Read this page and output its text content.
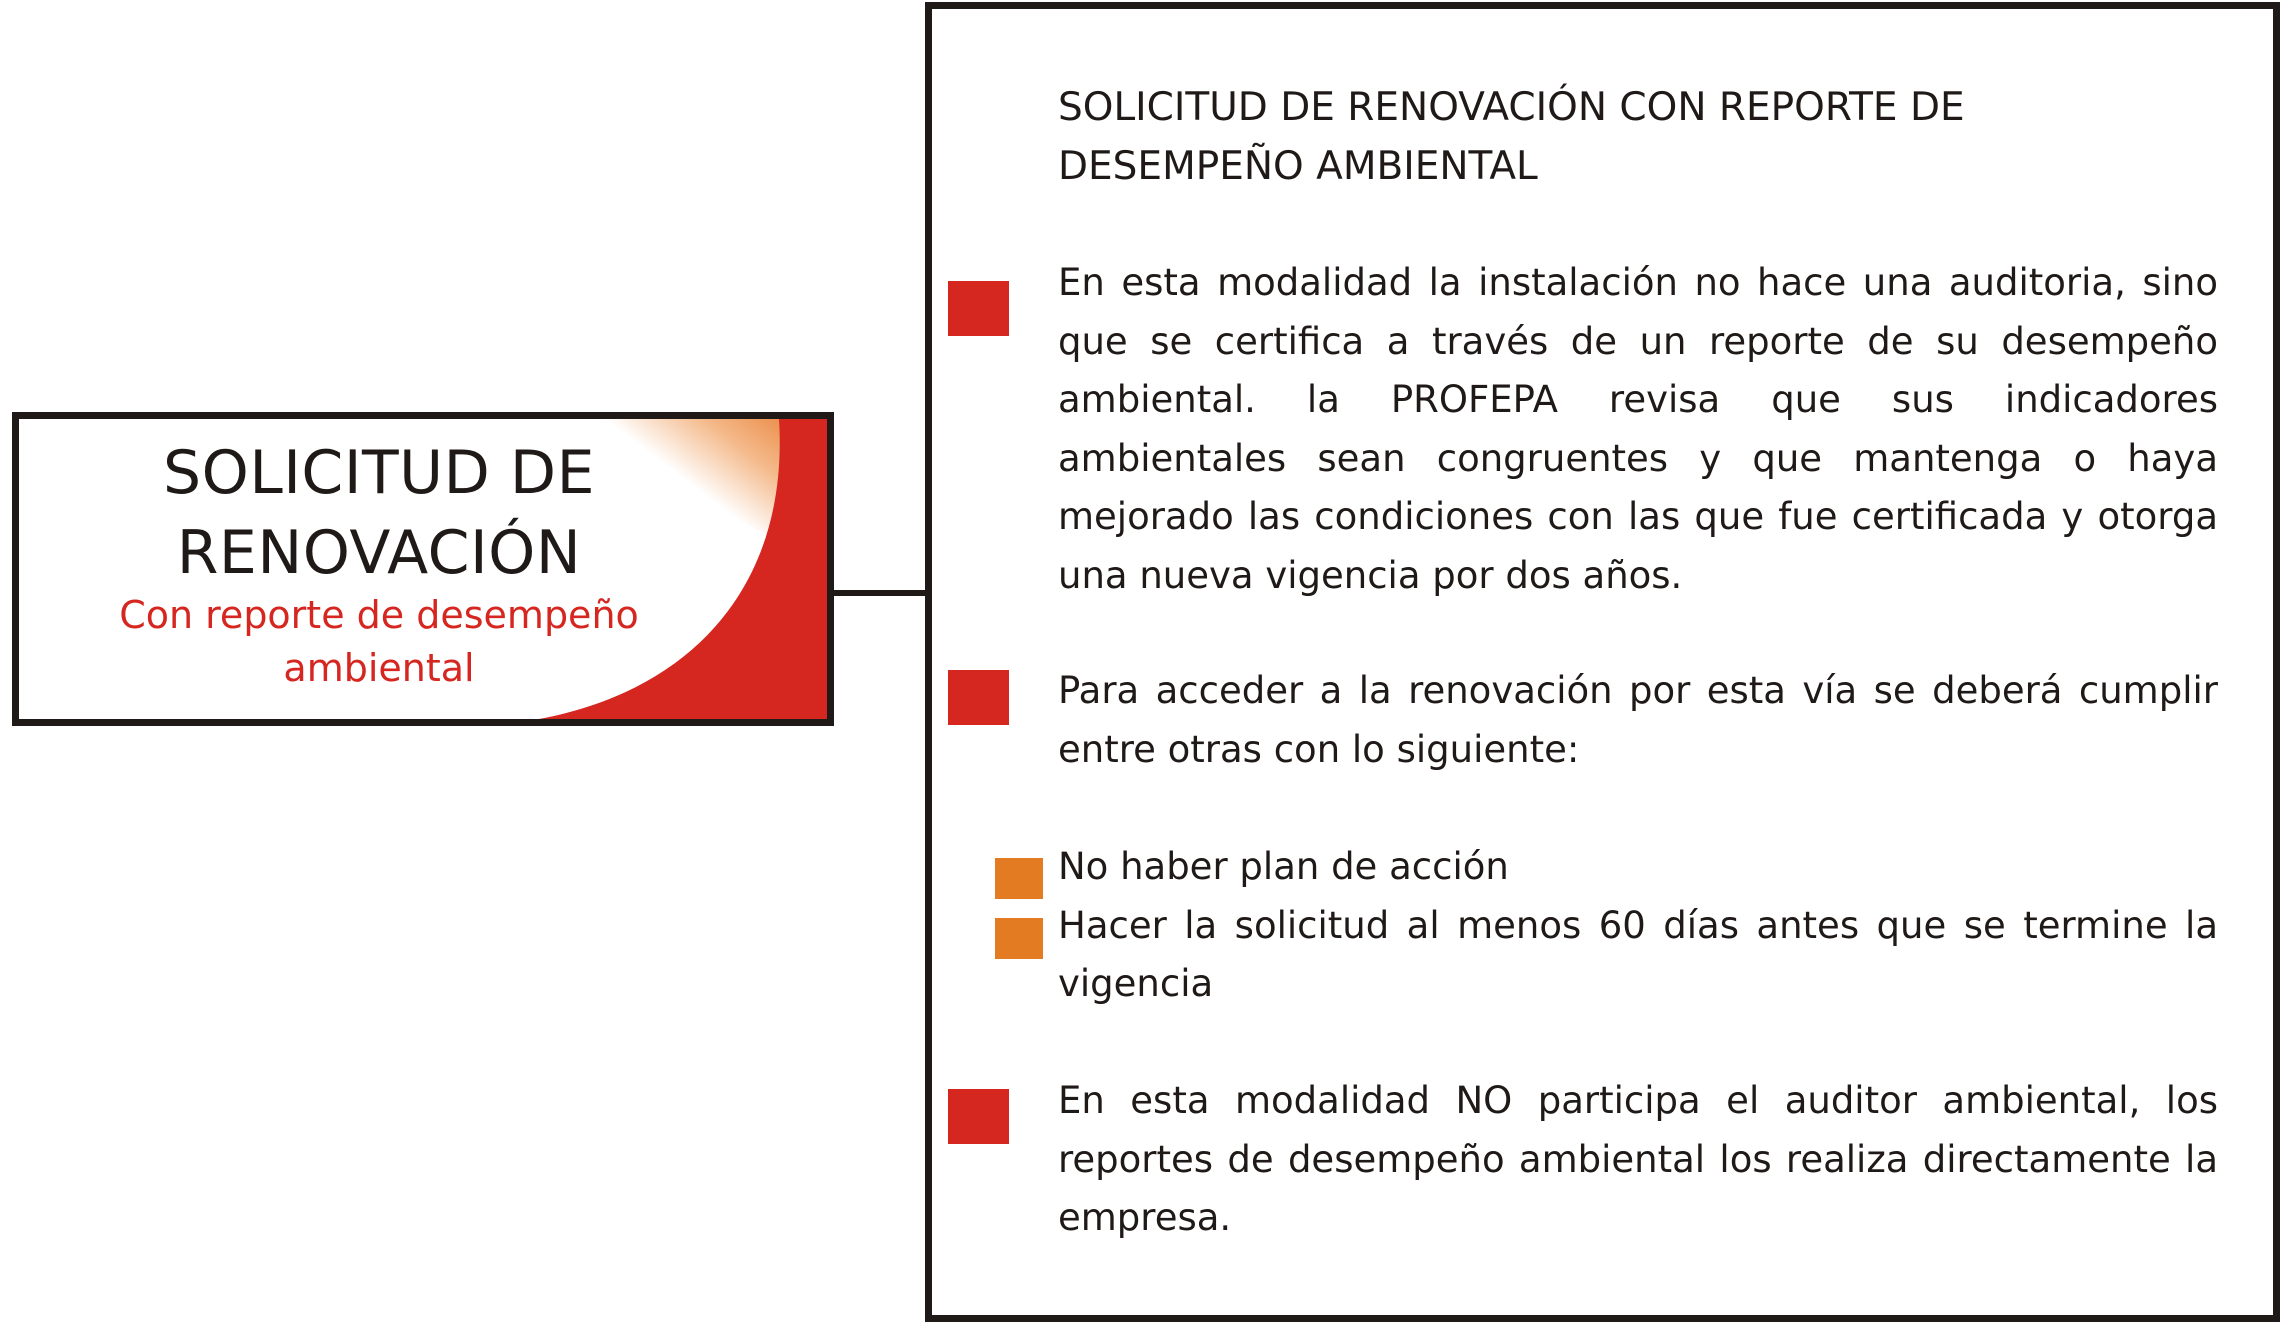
SOLICITUD DE
RENOVACIÓN
Con reporte de desempeño
ambiental
SOLICITUD DE RENOVACIÓN CON REPORTE DE
DESEMPEÑO AMBIENTAL
En esta modalidad la instalación no hace una auditoria, sino que se certifica a través de un reporte de su desempeño ambiental. la PROFEPA revisa que sus indicadores ambientales sean congruentes y que mantenga o haya mejorado las condiciones con las que fue certificada y otorga una nueva vigencia por dos años.
Para acceder a la renovación por esta vía se deberá cumplir entre otras con lo siguiente:
No haber plan de acción
Hacer la solicitud al menos 60 días antes que se termine la vigencia
En esta modalidad NO participa el auditor ambiental, los reportes de desempeño ambiental los realiza directamente la empresa.
